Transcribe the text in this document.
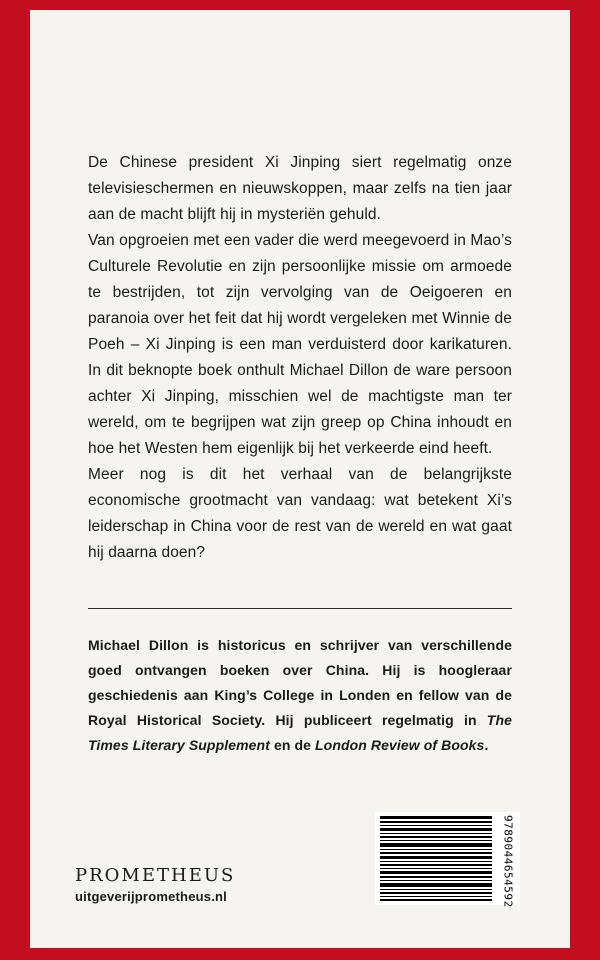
De Chinese president Xi Jinping siert regelmatig onze televisieschermen en nieuwskoppen, maar zelfs na tien jaar aan de macht blijft hij in mysteriën gehuld.

Van opgroeien met een vader die werd meegevoerd in Mao’s Culturele Revolutie en zijn persoonlijke missie om armoede te bestrijden, tot zijn vervolging van de Oeigoeren en paranoia over het feit dat hij wordt vergeleken met Winnie de Poeh – Xi Jinping is een man verduisterd door karikaturen. In dit beknopte boek onthult Michael Dillon de ware persoon achter Xi Jinping, misschien wel de machtigste man ter wereld, om te begrijpen wat zijn greep op China inhoudt en hoe het Westen hem eigenlijk bij het verkeerde eind heeft.

Meer nog is dit het verhaal van de belangrijkste economische grootmacht van vandaag: wat betekent Xi’s leiderschap in China voor de rest van de wereld en wat gaat hij daarna doen?

Michael Dillon is historicus en schrijver van verschillende goed ontvangen boeken over China. Hij is hoogleraar geschiedenis aan King’s College in Londen en fellow van de Royal Historical Society. Hij publiceert regelmatig in The Times Literary Supplement en de London Review of Books.

PROMETHEUS
uitgeverijprometheus.nl	9789044654592
